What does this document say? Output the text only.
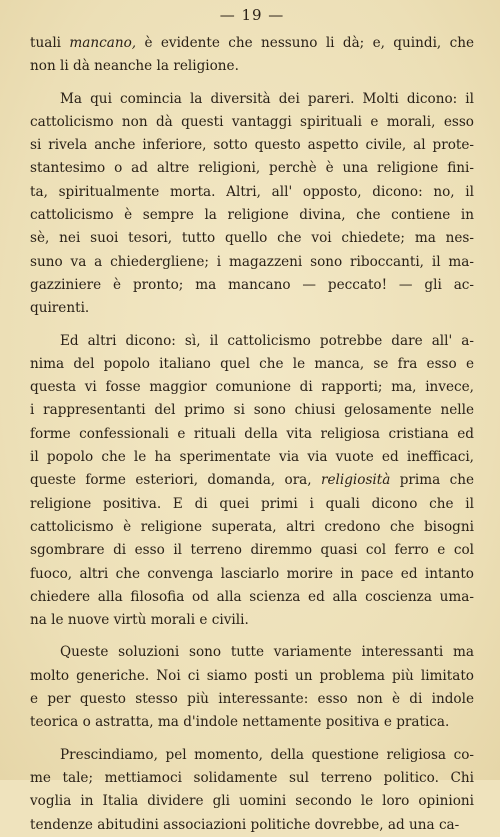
— 19 —
tuali mancano, è evidente che nessuno li dà; e, quindi, che
non li dà neanche la religione.
Ma qui comincia la diversità dei pareri. Molti dicono: il
cattolicismo non dà questi vantaggi spirituali e morali, esso
si rivela anche inferiore, sotto questo aspetto civile, al prote-
stantesimo o ad altre religioni, perchè è una religione fini-
ta, spiritualmente morta. Altri, all' opposto, dicono: no, il
cattolicismo è sempre la religione divina, che contiene in
sè, nei suoi tesori, tutto quello che voi chiedete; ma nes-
suno va a chiedergliene; i magazzeni sono riboccanti, il ma-
gazziniere è pronto; ma mancano — peccato! — gli ac-
quirenti.
Ed altri dicono: sì, il cattolicismo potrebbe dare all' a-
nima del popolo italiano quel che le manca, se fra esso e
questa vi fosse maggior comunione di rapporti; ma, invece,
i rappresentanti del primo si sono chiusi gelosamente nelle
forme confessionali e rituali della vita religiosa cristiana ed
il popolo che le ha sperimentate via via vuote ed inefficaci,
queste forme esteriori, domanda, ora, religiosità prima che
religione positiva. E di quei primi i quali dicono che il
cattolicismo è religione superata, altri credono che bisogni
sgombrare di esso il terreno diremmo quasi col ferro e col
fuoco, altri che convenga lasciarlo morire in pace ed intanto
chiedere alla filosofia od alla scienza ed alla coscienza uma-
na le nuove virtù morali e civili.
Queste soluzioni sono tutte variamente interessanti ma
molto generiche. Noi ci siamo posti un problema più limitato
e per questo stesso più interessante: esso non è di indole
teorica o astratta, ma d'indole nettamente positiva e pratica.
Prescindiamo, pel momento, della questione religiosa co-
me tale; mettiamoci solidamente sul terreno politico. Chi
voglia in Italia dividere gli uomini secondo le loro opinioni
tendenze abitudini associazioni politiche dovrebbe, ad una ca-
